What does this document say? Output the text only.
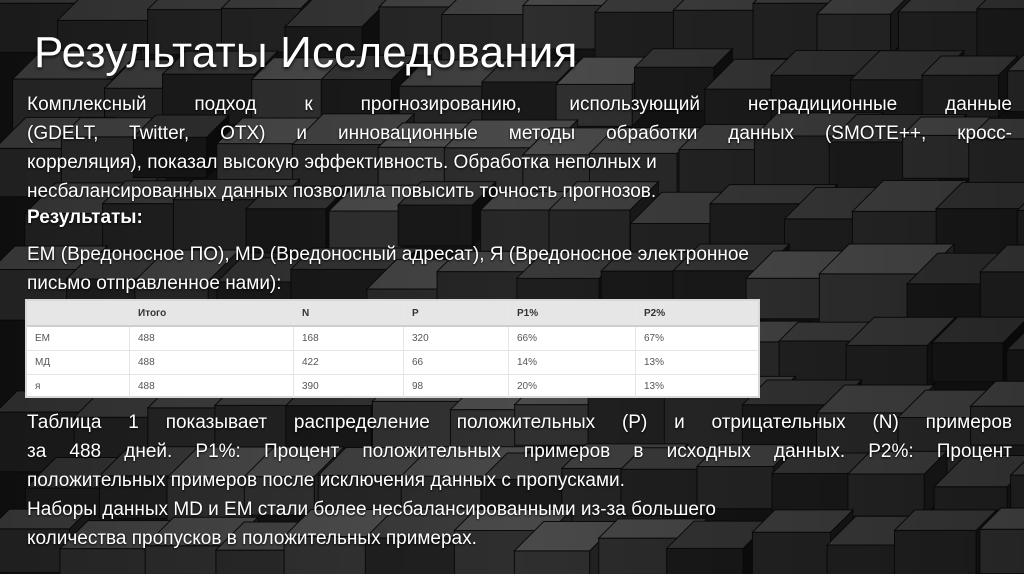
Результаты Исследования
Комплексный подход к прогнозированию, использующий нетрадиционные данные
(GDELT, Twitter, OTX) и инновационные методы обработки данных (SMOTE++, кросс-
корреляция), показал высокую эффективность. Обработка неполных и
несбалансированных данных позволила повысить точность прогнозов.
Результаты:
ЕМ (Вредоносное ПО), MD (Вредоносный адресат), Я (Вредоносное электронное
письмо отправленное нами):
	Итого	N	P	P1%	P2%
ЕМ	488	168	320	66%	67%
МД	488	422	66	14%	13%
я	488	390	98	20%	13%
Таблица 1 показывает распределение положительных (P) и отрицательных (N) примеров
за 488 дней. P1%: Процент положительных примеров в исходных данных. P2%: Процент
положительных примеров после исключения данных с пропусками.
Наборы данных MD и EM стали более несбалансированными из-за большего
количества пропусков в положительных примерах.
